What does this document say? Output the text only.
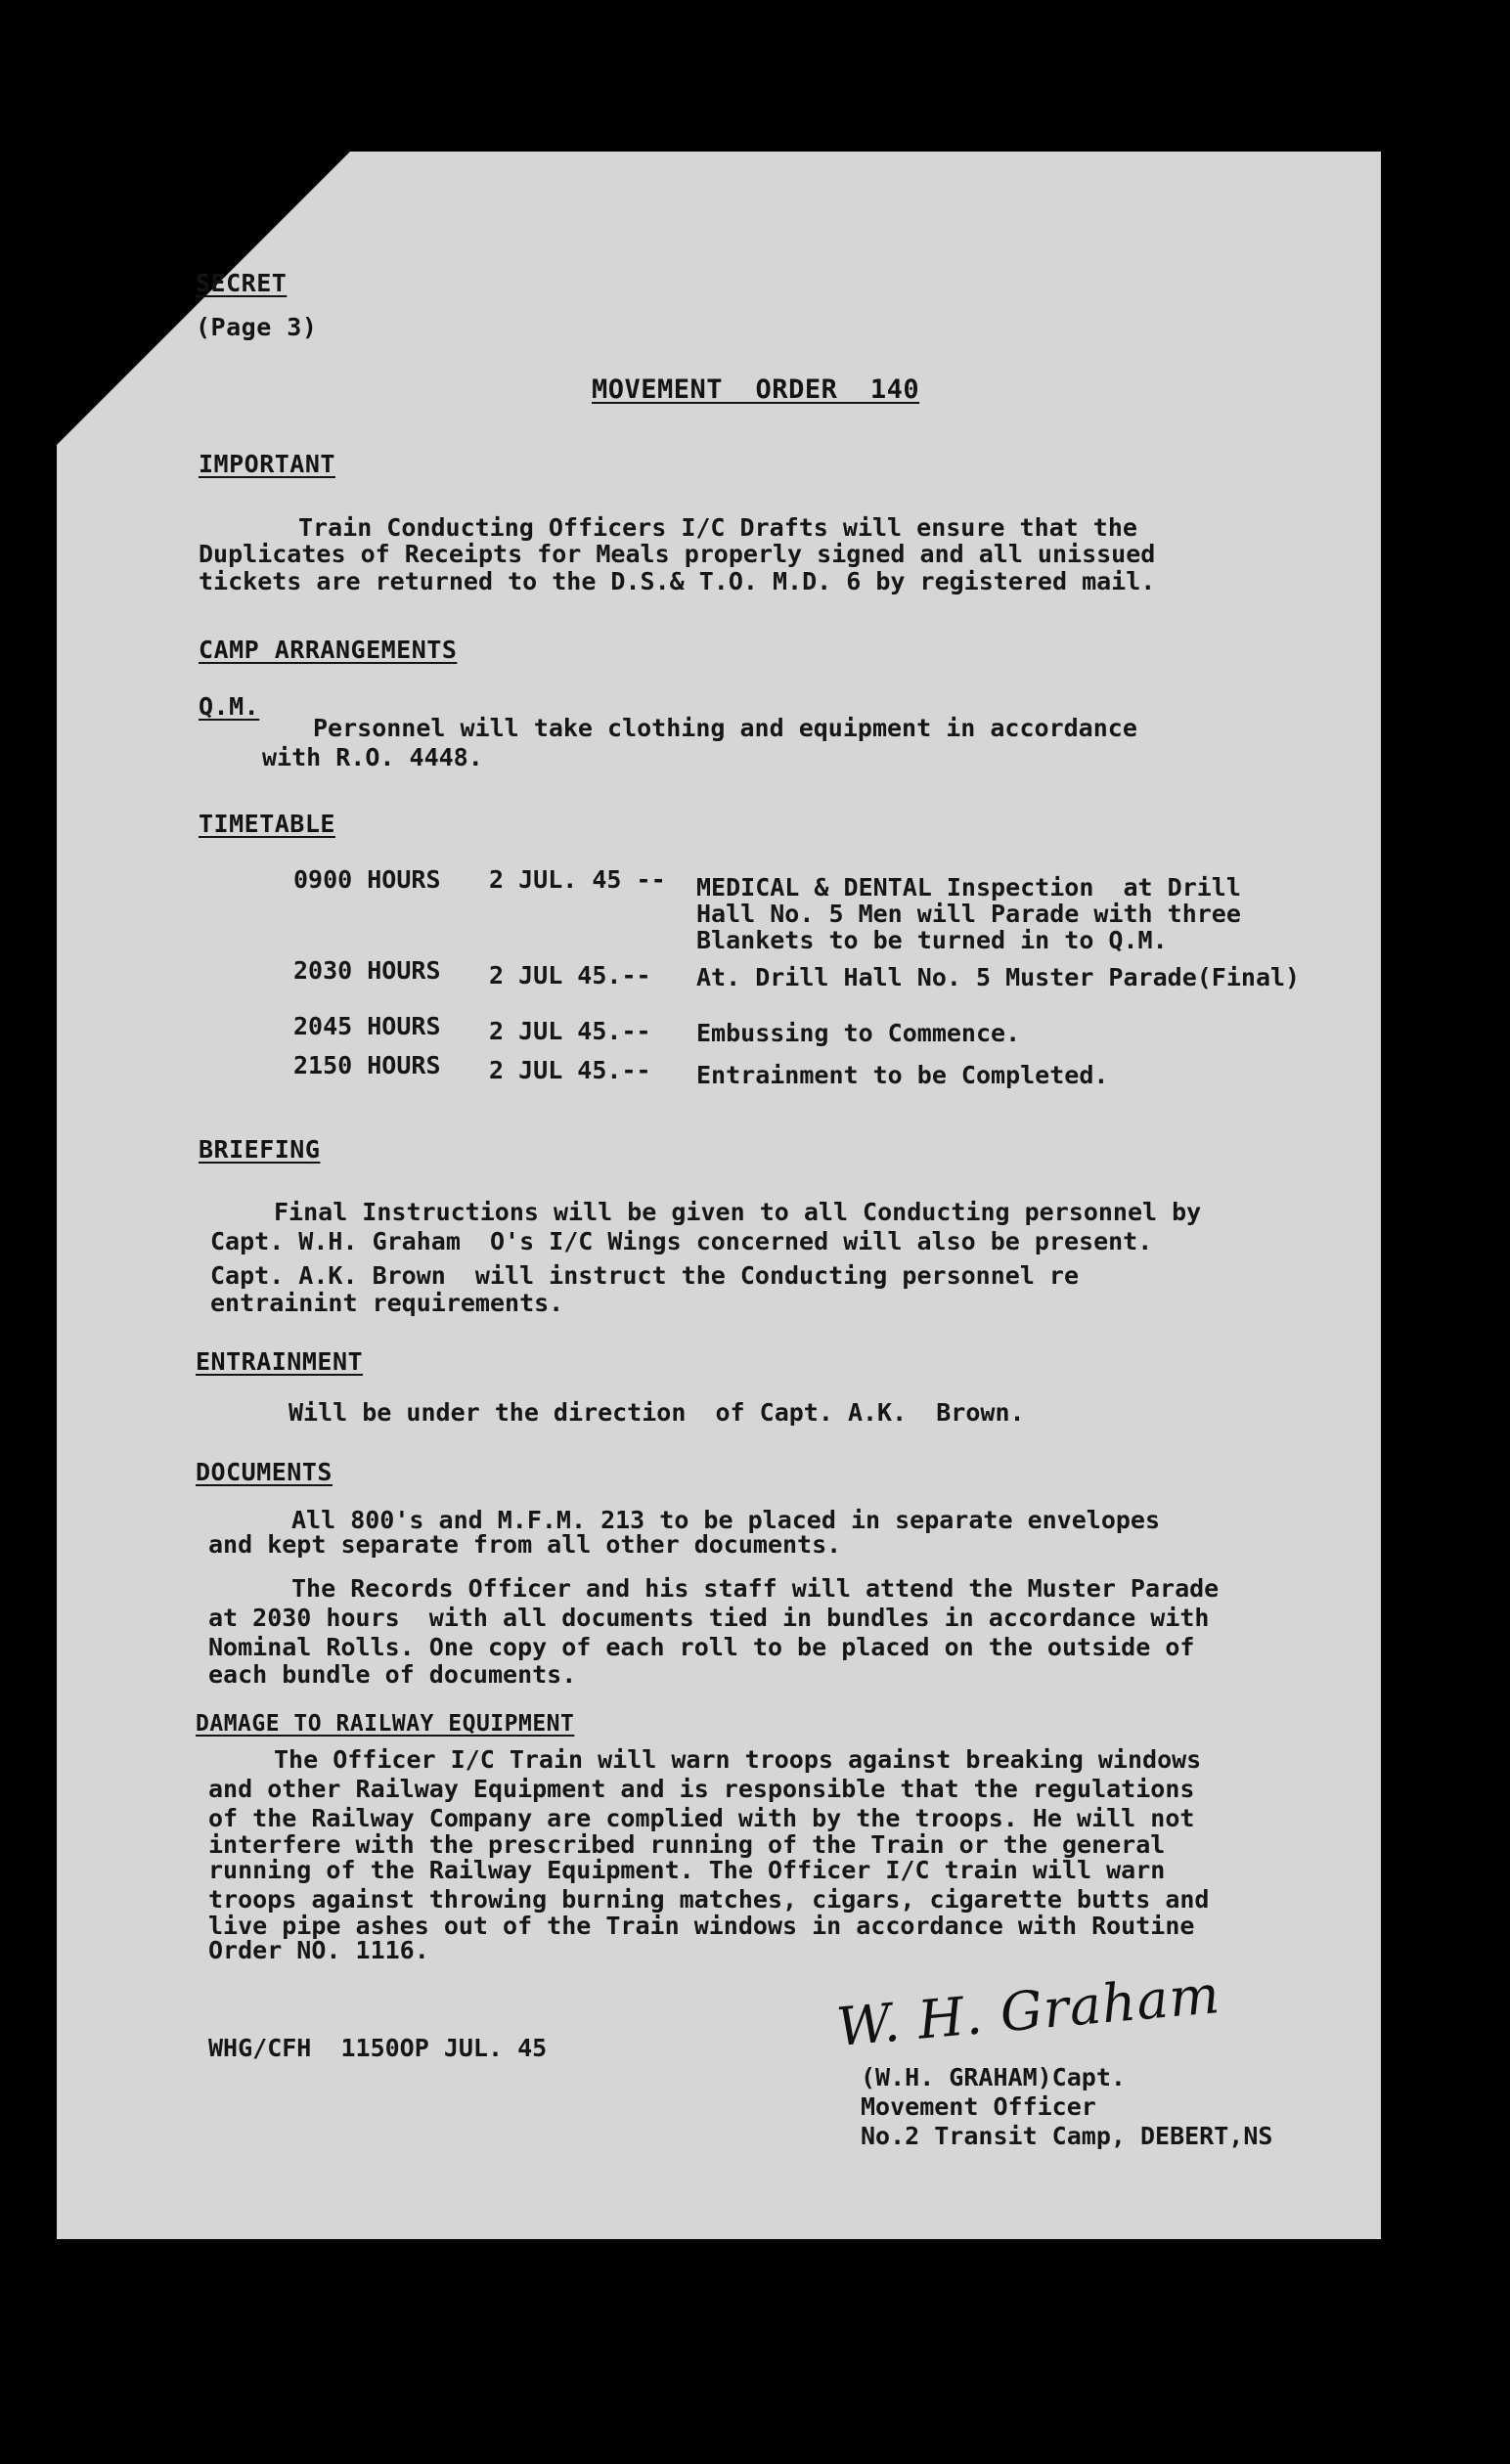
SECRET
(Page 3)
MOVEMENT  ORDER  140
IMPORTANT
Train Conducting Officers I/C Drafts will ensure that the
Duplicates of Receipts for Meals properly signed and all unissued
tickets are returned to the D.S.& T.O. M.D. 6 by registered mail.
CAMP ARRANGEMENTS
Q.M.
Personnel will take clothing and equipment in accordance
with R.O. 4448.
TIMETABLE
0900 HOURS 2 JUL. 45 -- MEDICAL & DENTAL Inspection  at Drill
Hall No. 5 Men will Parade with three
Blankets to be turned in to Q.M.
2030 HOURS 2 JUL 45.-- At. Drill Hall No. 5 Muster Parade(Final)
2045 HOURS 2 JUL 45.-- Embussing to Commence.
2150 HOURS 2 JUL 45.-- Entrainment to be Completed.
BRIEFING
Final Instructions will be given to all Conducting personnel by
Capt. W.H. Graham  O's I/C Wings concerned will also be present.
Capt. A.K. Brown  will instruct the Conducting personnel re
entrainint requirements.
ENTRAINMENT
Will be under the direction  of Capt. A.K.  Brown.
DOCUMENTS
All 800's and M.F.M. 213 to be placed in separate envelopes
and kept separate from all other documents.
The Records Officer and his staff will attend the Muster Parade
at 2030 hours  with all documents tied in bundles in accordance with
Nominal Rolls. One copy of each roll to be placed on the outside of
each bundle of documents.
DAMAGE TO RAILWAY EQUIPMENT
The Officer I/C Train will warn troops against breaking windows
and other Railway Equipment and is responsible that the regulations
of the Railway Company are complied with by the troops. He will not
interfere with the prescribed running of the Train or the general
running of the Railway Equipment. The Officer I/C train will warn
troops against throwing burning matches, cigars, cigarette butts and
live pipe ashes out of the Train windows in accordance with Routine
Order NO. 1116.
WHG/CFH  1150OP JUL. 45	W. H. Graham
(W.H. GRAHAM)Capt.
Movement Officer
No.2 Transit Camp, DEBERT,NS
